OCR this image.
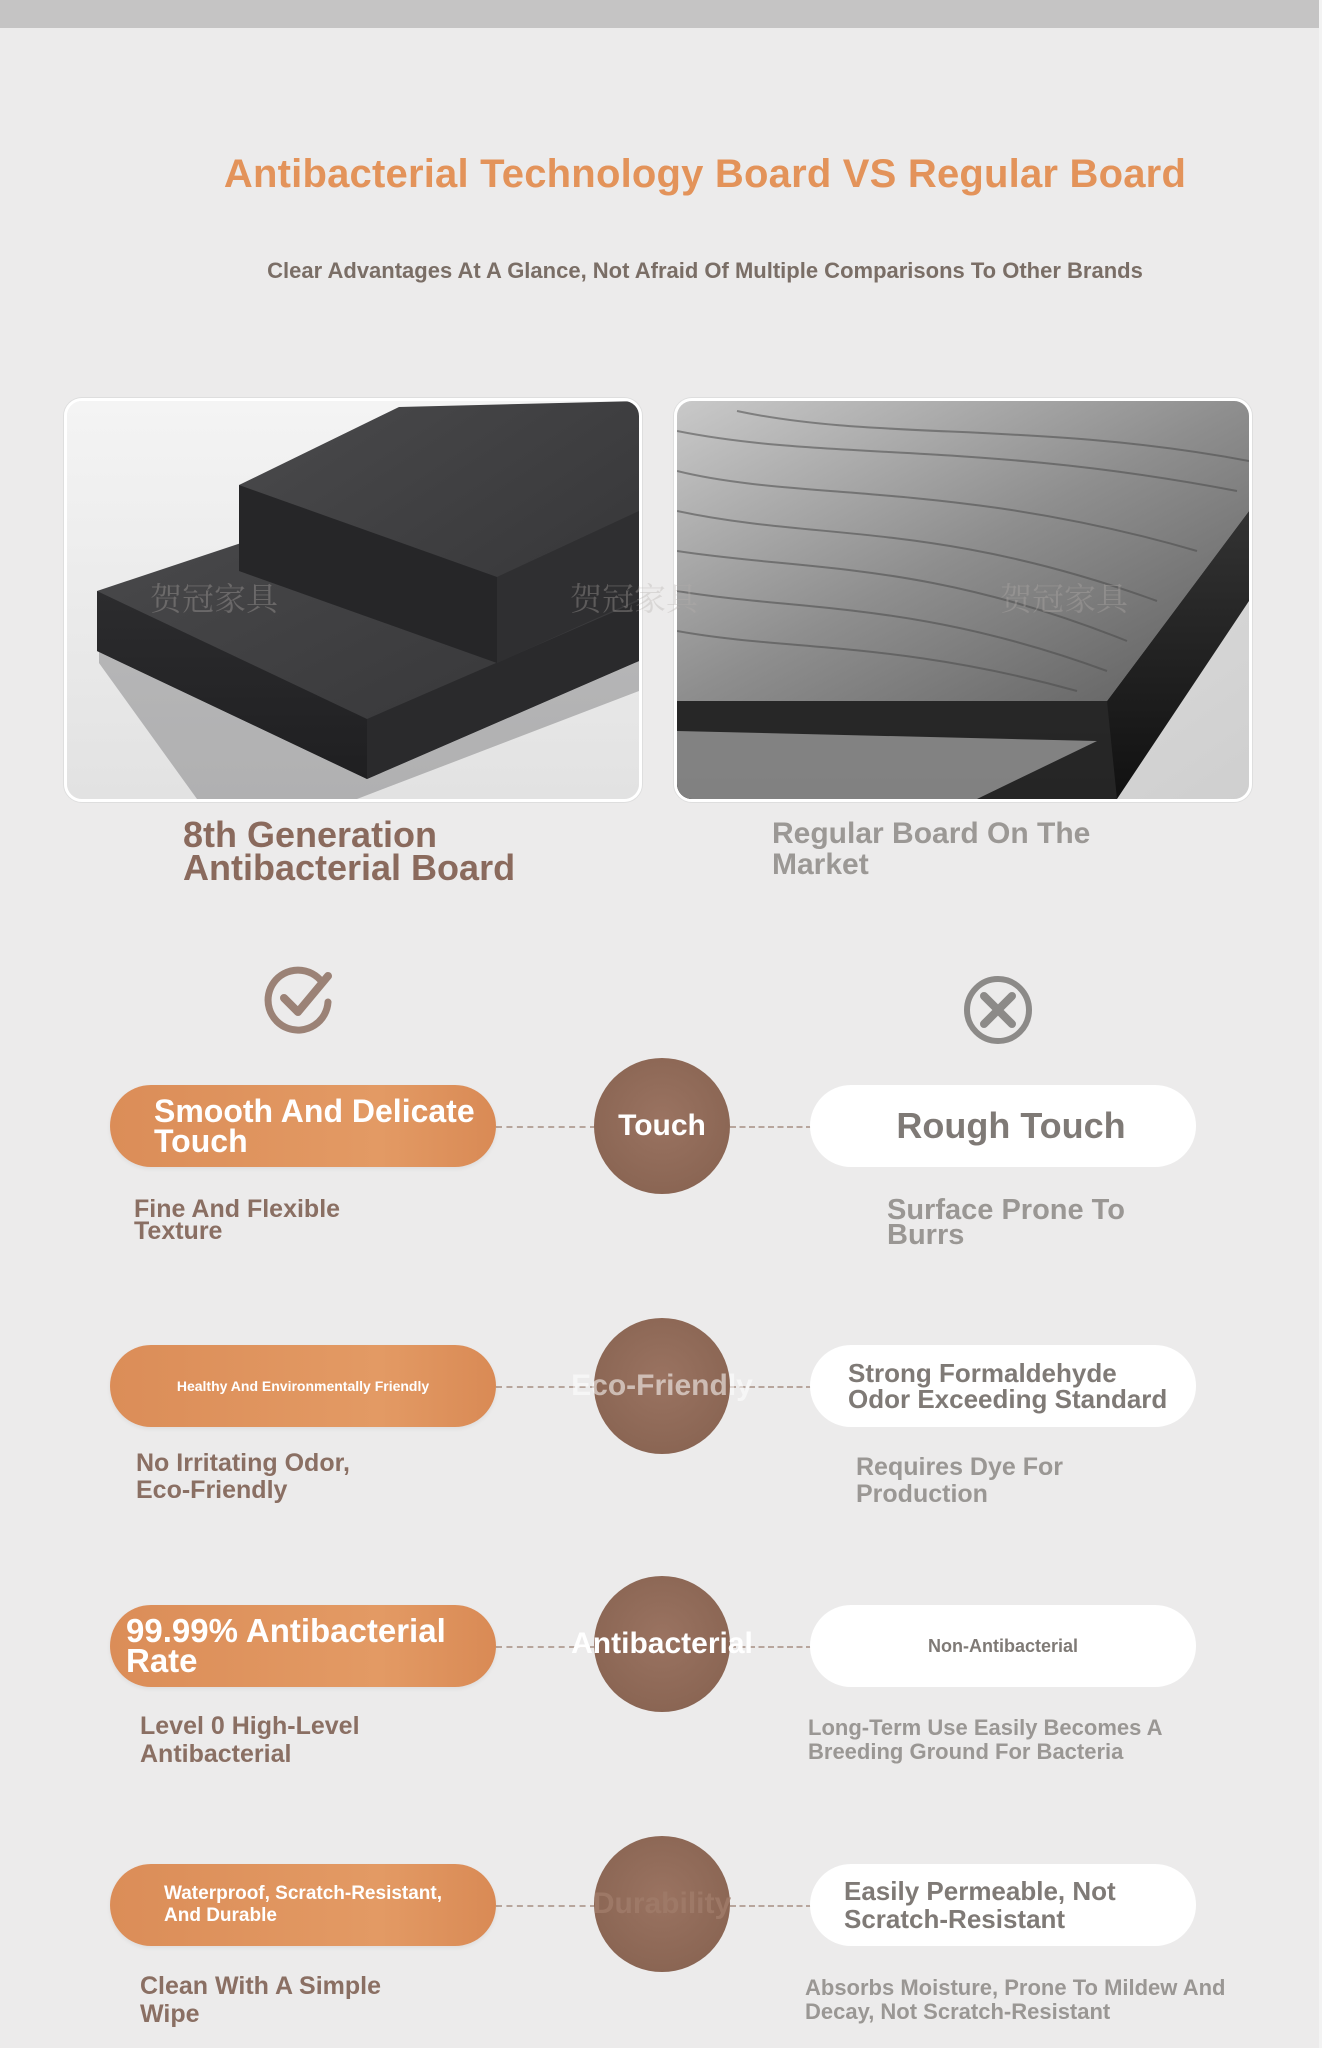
Antibacterial Technology Board VS Regular Board
Clear Advantages At A Glance, Not Afraid Of Multiple Comparisons To Other Brands
贺冠家具	贺冠家具	贺冠家具
8th Generation Antibacterial Board
Regular Board On The Market
Smooth And Delicate Touch	Touch	Rough Touch
Fine And Flexible Texture
Surface Prone To Burrs
Healthy And Environmentally Friendly	Eco-Friendly	Strong Formaldehyde Odor Exceeding Standard
No Irritating Odor, Eco-Friendly
Requires Dye For Production
99.99% Antibacterial Rate	Antibacterial	Non-Antibacterial
Level 0 High-Level Antibacterial
Long-Term Use Easily Becomes A Breeding Ground For Bacteria
Waterproof, Scratch-Resistant, And Durable	Durability	Easily Permeable, Not Scratch-Resistant
Clean With A Simple Wipe
Absorbs Moisture, Prone To Mildew And Decay, Not Scratch-Resistant
